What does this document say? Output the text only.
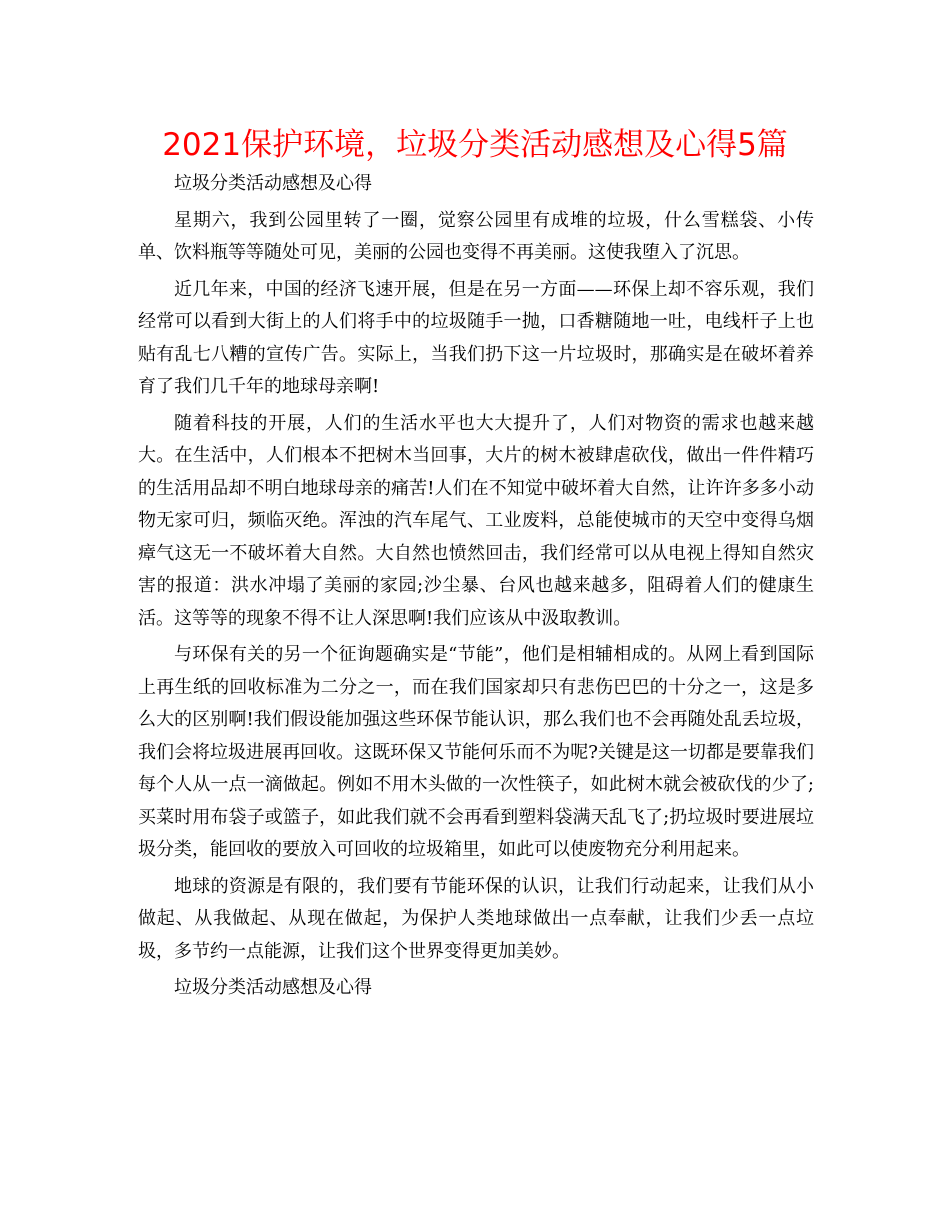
2021保护环境，垃圾分类活动感想及心得5篇

垃圾分类活动感想及心得

星期六，我到公园里转了一圈，觉察公园里有成堆的垃圾，什么雪糕袋、小传单、饮料瓶等等随处可见，美丽的公园也变得不再美丽。这使我堕入了沉思。

近几年来，中国的经济飞速开展，但是在另一方面——环保上却不容乐观，我们经常可以看到大街上的人们将手中的垃圾随手一抛，口香糖随地一吐，电线杆子上也贴有乱七八糟的宣传广告。实际上，当我们扔下这一片垃圾时，那确实是在破坏着养育了我们几千年的地球母亲啊!

随着科技的开展，人们的生活水平也大大提升了，人们对物资的需求也越来越大。在生活中，人们根本不把树木当回事，大片的树木被肆虐砍伐，做出一件件精巧的生活用品却不明白地球母亲的痛苦!人们在不知觉中破坏着大自然，让许许多多小动物无家可归，频临灭绝。浑浊的汽车尾气、工业废料，总能使城市的天空中变得乌烟瘴气这无一不破坏着大自然。大自然也愤然回击，我们经常可以从电视上得知自然灾害的报道：洪水冲塌了美丽的家园;沙尘暴、台风也越来越多，阻碍着人们的健康生活。这等等的现象不得不让人深思啊!我们应该从中汲取教训。

与环保有关的另一个征询题确实是“节能”，他们是相辅相成的。从网上看到国际上再生纸的回收标准为二分之一，而在我们国家却只有悲伤巴巴的十分之一，这是多么大的区别啊!我们假设能加强这些环保节能认识，那么我们也不会再随处乱丢垃圾，我们会将垃圾进展再回收。这既环保又节能何乐而不为呢?关键是这一切都是要靠我们每个人从一点一滴做起。例如不用木头做的一次性筷子，如此树木就会被砍伐的少了;买菜时用布袋子或篮子，如此我们就不会再看到塑料袋满天乱飞了;扔垃圾时要进展垃圾分类，能回收的要放入可回收的垃圾箱里，如此可以使废物充分利用起来。

地球的资源是有限的，我们要有节能环保的认识，让我们行动起来，让我们从小做起、从我做起、从现在做起，为保护人类地球做出一点奉献，让我们少丢一点垃圾，多节约一点能源，让我们这个世界变得更加美妙。

垃圾分类活动感想及心得
